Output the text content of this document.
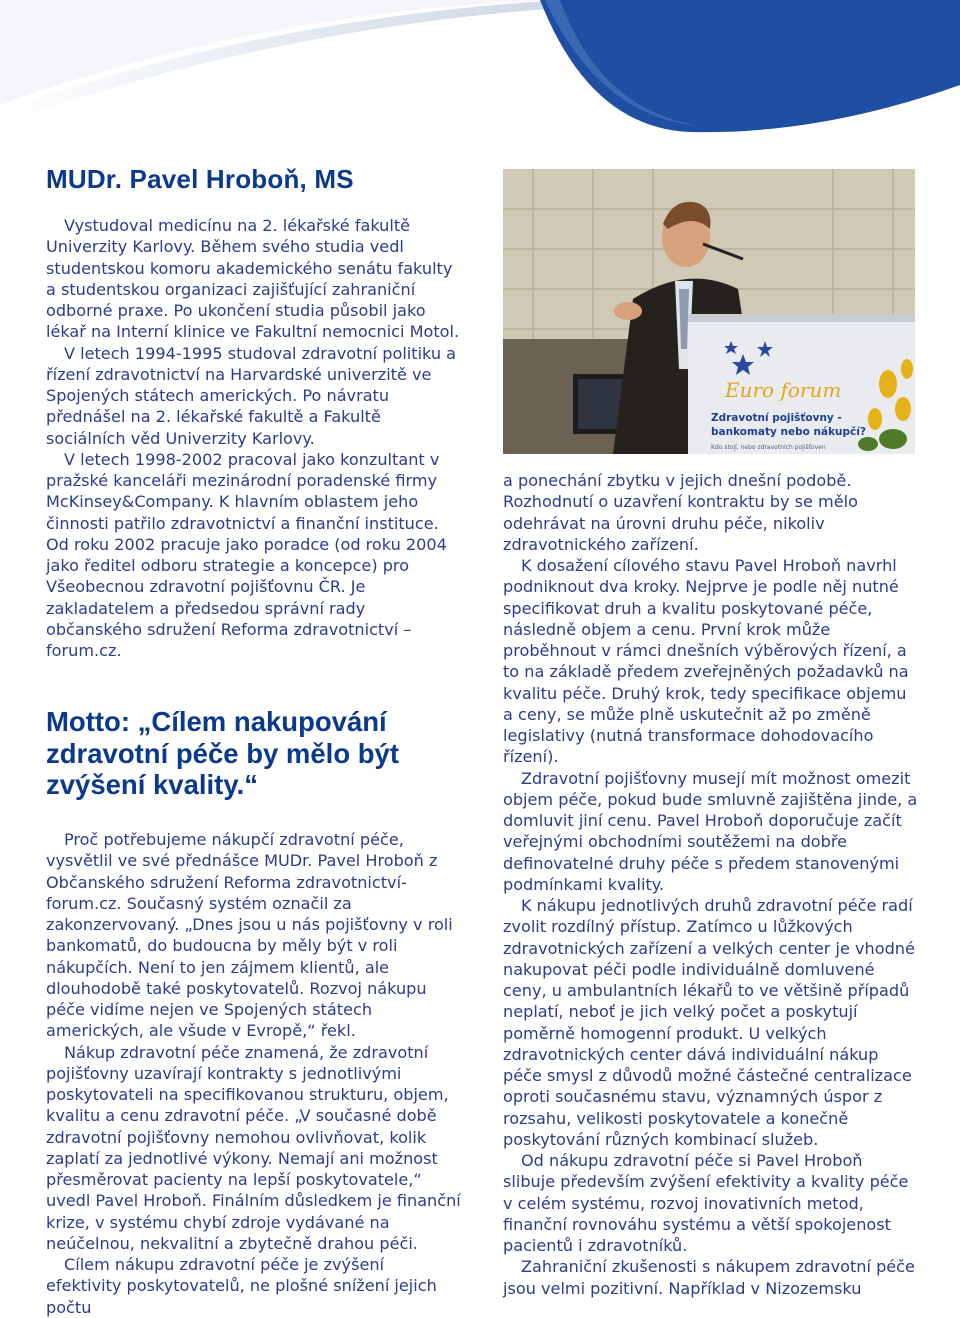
MUDr. Pavel Hroboň, MS

Vystudoval medicínu na 2. lékařské fakultě Univerzity Karlovy. Během svého studia vedl studentskou komoru akademického senátu fakulty a studentskou organizaci zajišťující zahraniční odborné praxe. Po ukončení studia působil jako lékař na Interní klinice ve Fakultní nemocnici Motol.

V letech 1994-1995 studoval zdravotní politiku a řízení zdravotnictví na Harvardské univerzitě ve Spojených státech amerických. Po návratu přednášel na 2. lékařské fakultě a Fakultě sociálních věd Univerzity Karlovy.

V letech 1998-2002 pracoval jako konzultant v pražské kanceláři mezinárodní poradenské firmy McKinsey&Company. K hlavním oblastem jeho činnosti patřilo zdravotnictví a finanční instituce. Od roku 2002 pracuje jako poradce (od roku 2004 jako ředitel odboru strategie a koncepce) pro Všeobecnou zdravotní pojišťovnu ČR. Je zakladatelem a předsedou správní rady občanského sdružení Reforma zdravotnictví – forum.cz.

Motto: „Cílem nakupování
zdravotní péče by mělo být
zvýšení kvality.“

Proč potřebujeme nákupčí zdravotní péče, vysvětlil ve své přednášce MUDr. Pavel Hroboň z Občanského sdružení Reforma zdravotnictví-forum.cz. Současný systém označil za zakonzervovaný. „Dnes jsou u nás pojišťovny v roli bankomatů, do budoucna by měly být v roli nákupčích. Není to jen zájmem klientů, ale dlouhodobě také poskytovatelů. Rozvoj nákupu péče vidíme nejen ve Spojených státech amerických, ale všude v Evropě,“ řekl.

Nákup zdravotní péče znamená, že zdravotní pojišťovny uzavírají kontrakty s jednotlivými poskytovateli na specifikovanou strukturu, objem, kvalitu a cenu zdravotní péče. „V současné době zdravotní pojišťovny nemohou ovlivňovat, kolik zaplatí za jednotlivé výkony. Nemají ani možnost přesměrovat pacienty na lepší poskytovatele,“ uvedl Pavel Hroboň. Finálním důsledkem je finanční krize, v systému chybí zdroje vydávané na neúčelnou, nekvalitní a zbytečně drahou péči.

Cílem nákupu zdravotní péče je zvýšení efektivity poskytovatelů, ne plošné snížení jejich počtu

Euro forum
Zdravotní pojišťovny -
bankomaty nebo nákupčí?
Kdo stojí, nebo zdravotních pojišťoven

a ponechání zbytku v jejich dnešní podobě. Rozhodnutí o uzavření kontraktu by se mělo odehrávat na úrovni druhu péče, nikoliv zdravotnického zařízení.

K dosažení cílového stavu Pavel Hroboň navrhl podniknout dva kroky. Nejprve je podle něj nutné specifikovat druh a kvalitu poskytované péče, následně objem a cenu. První krok může proběhnout v rámci dnešních výběrových řízení, a to na základě předem zveřejněných požadavků na kvalitu péče. Druhý krok, tedy specifikace objemu a ceny, se může plně uskutečnit až po změně legislativy (nutná transformace dohodovacího řízení).

Zdravotní pojišťovny musejí mít možnost omezit objem péče, pokud bude smluvně zajištěna jinde, a domluvit jiní cenu. Pavel Hroboň doporučuje začít veřejnými obchodními soutěžemi na dobře definovatelné druhy péče s předem stanovenými podmínkami kvality.

K nákupu jednotlivých druhů zdravotní péče radí zvolit rozdílný přístup. Zatímco u lůžkových zdravotnických zařízení a velkých center je vhodné nakupovat péči podle individuálně domluvené ceny, u ambulantních lékařů to ve většině případů neplatí, neboť je jich velký počet a poskytují poměrně homogenní produkt. U velkých zdravotnických center dává individuální nákup péče smysl z důvodů možné částečné centralizace oproti současnému stavu, významných úspor z rozsahu, velikosti poskytovatele a konečně poskytování různých kombinací služeb.

Od nákupu zdravotní péče si Pavel Hroboň slibuje především zvýšení efektivity a kvality péče v celém systému, rozvoj inovativních metod, finanční rovnováhu systému a větší spokojenost pacientů i zdravotníků.

Zahraniční zkušenosti s nákupem zdravotní péče jsou velmi pozitivní. Například v Nizozemsku
